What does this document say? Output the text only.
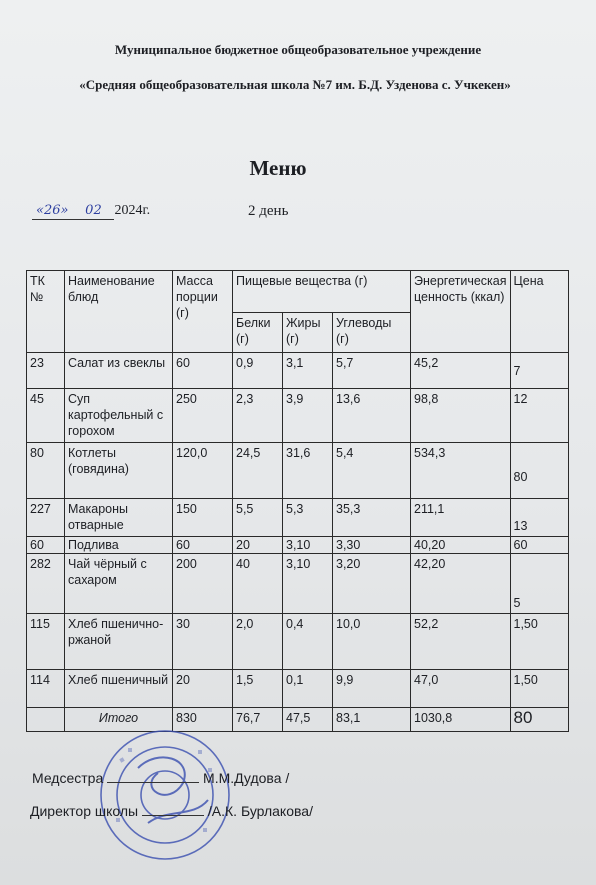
Муниципальное бюджетное общеобразовательное учреждение
«Средняя общеобразовательная школа №7 им. Б.Д. Узденова с. Учкекен»
Меню
«26» 02 2024г.	2 день
ТК №	Наименование блюд	Масса порции (г)	Пищевые вещества (г)			Энергетическая ценность (ккал)	Цена
			Белки (г)	Жиры (г)	Углеводы (г)		
23	Салат из свеклы	60	0,9	3,1	5,7	45,2	7
45	Суп картофельный с горохом	250	2,3	3,9	13,6	98,8	12
80	Котлеты (говядина)	120,0	24,5	31,6	5,4	534,3	80
227	Макароны отварные	150	5,5	5,3	35,3	211,1	13
60	Подлива	60	20	3,10	3,30	40,20	60
282	Чай чёрный с сахаром	200	40	3,10	3,20	42,20	5
115	Хлеб пшенично-ржаной	30	2,0	0,4	10,0	52,2	1,50
114	Хлеб пшеничный	20	1,5	0,1	9,9	47,0	1,50
	Итого	830	76,7	47,5	83,1	1030,8	80
Медсестра	М.М.Дудова /
Директор школы	/А.К. Бурлакова/
